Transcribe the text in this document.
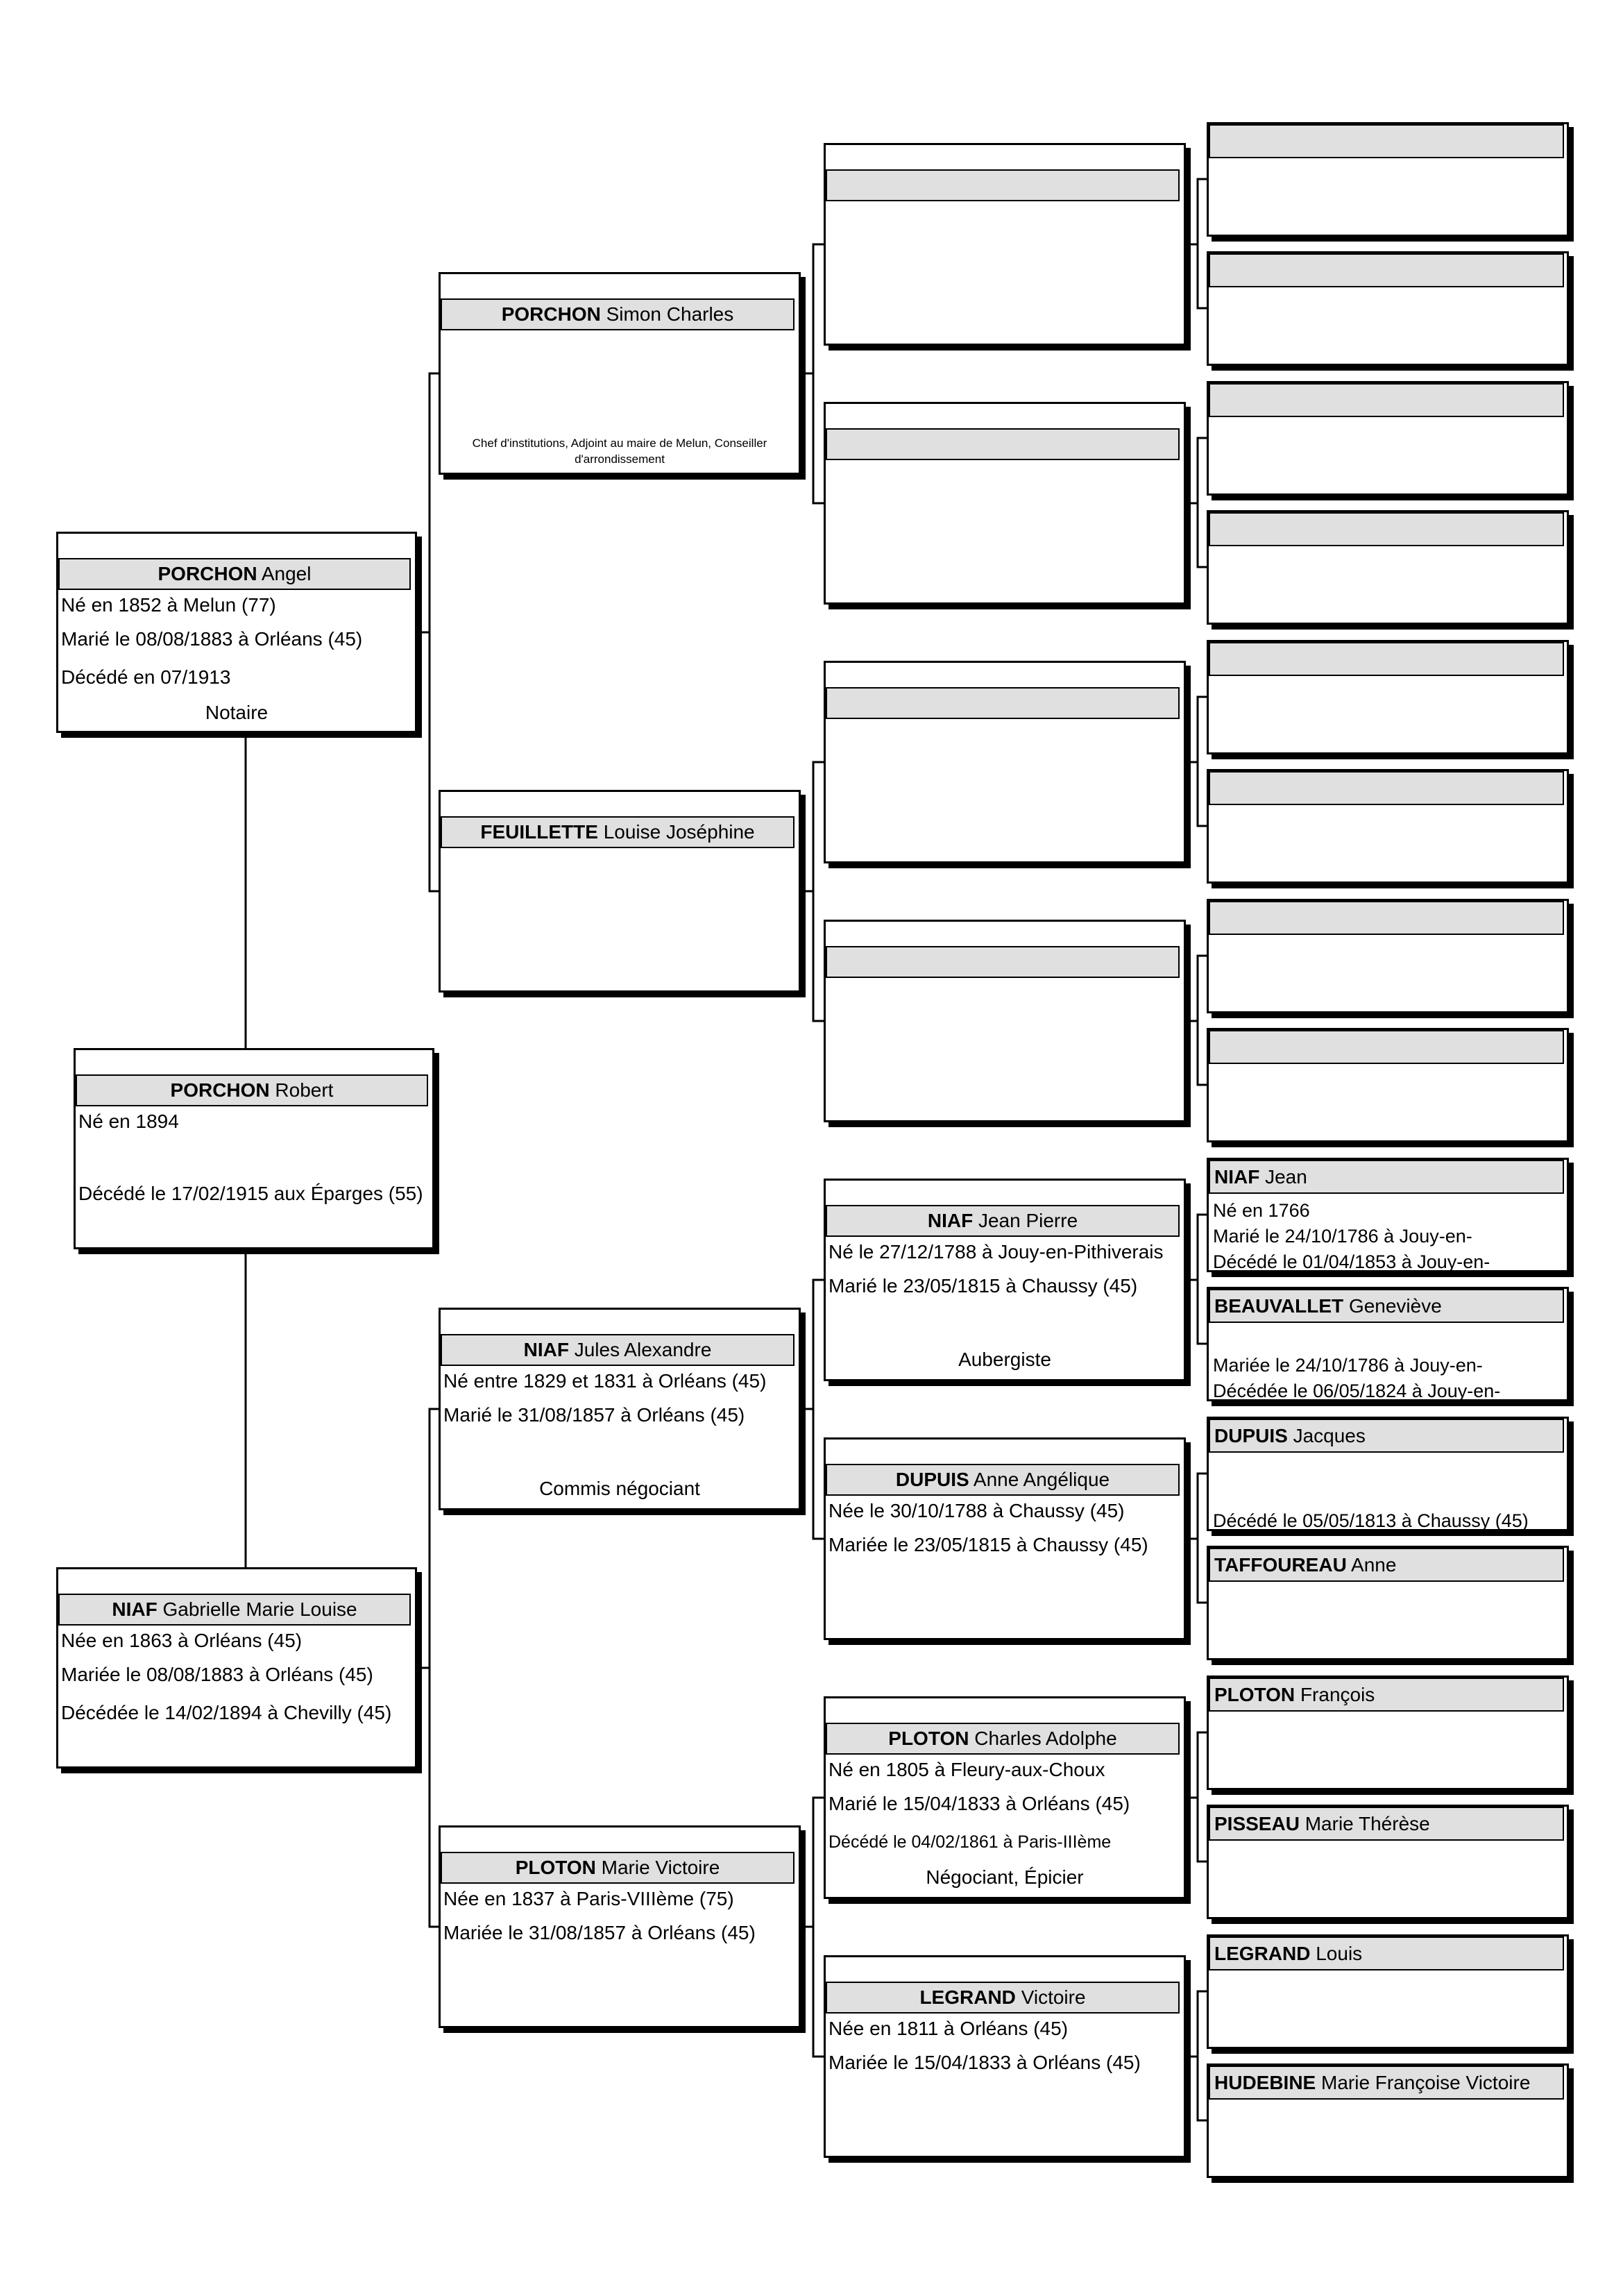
PORCHON Angel
Né en 1852 à Melun (77)
Marié le 08/08/1883 à Orléans (45)
Décédé en 07/1913
Notaire
PORCHON Robert
Né en 1894
Décédé le 17/02/1915 aux Éparges (55)
NIAF Gabrielle Marie Louise
Née en 1863 à Orléans (45)
Mariée le 08/08/1883 à Orléans (45)
Décédée le 14/02/1894 à Chevilly (45)
PORCHON Simon Charles
Chef d'institutions, Adjoint au maire de Melun, Conseiller d'arrondissement
FEUILLETTE Louise Joséphine
NIAF Jules Alexandre
Né entre 1829 et 1831 à Orléans (45)
Marié le 31/08/1857 à Orléans (45)
Commis négociant
PLOTON Marie Victoire
Née en 1837 à Paris-VIIIème (75)
Mariée le 31/08/1857 à Orléans (45)
NIAF Jean Pierre
Né le 27/12/1788 à Jouy-en-Pithiverais
Marié le 23/05/1815 à Chaussy (45)
Aubergiste
DUPUIS Anne Angélique
Née le 30/10/1788 à Chaussy (45)
Mariée le 23/05/1815 à Chaussy (45)
PLOTON Charles Adolphe
Né en 1805 à Fleury-aux-Choux
Marié le 15/04/1833 à Orléans (45)
Décédé le 04/02/1861 à Paris-IIIème
Négociant, Épicier
LEGRAND Victoire
Née en 1811 à Orléans (45)
Mariée le 15/04/1833 à Orléans (45)
NIAF Jean
Né en 1766
Marié le 24/10/1786 à Jouy-en-
Décédé le 01/04/1853 à Jouy-en-
BEAUVALLET Geneviève
Mariée le 24/10/1786 à Jouy-en-
Décédée le 06/05/1824 à Jouy-en-
DUPUIS Jacques
Décédé le 05/05/1813 à Chaussy (45)
TAFFOUREAU Anne
PLOTON François
PISSEAU Marie Thérèse
LEGRAND Louis
HUDEBINE Marie Françoise Victoire
